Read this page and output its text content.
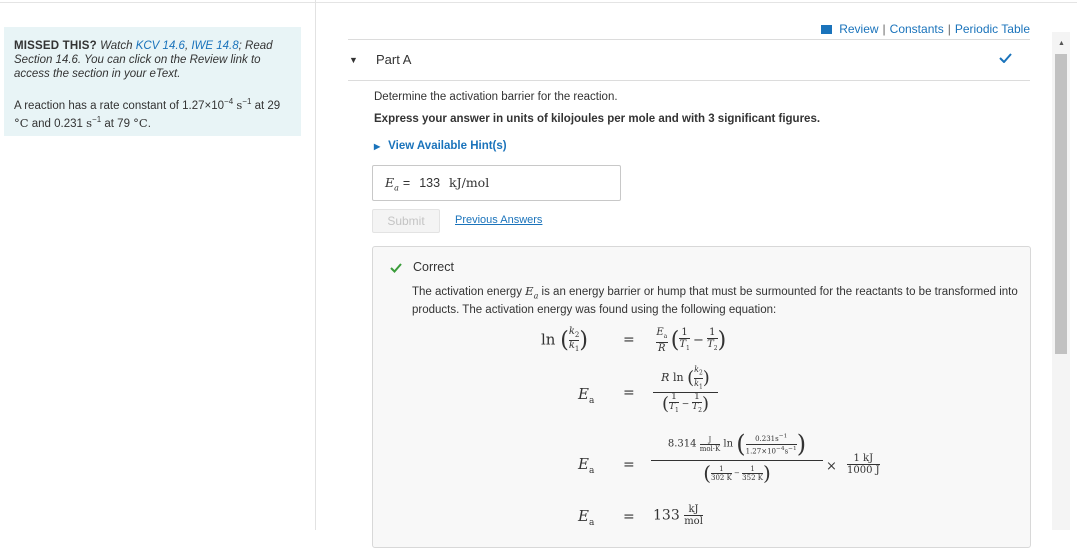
MISSED THIS? Watch KCV 14.6, IWE 14.8; Read Section 14.6. You can click on the Review link to access the section in your eText.
A reaction has a rate constant of $1.27\times 10^{-4}$ $s^{-1}$ at 29 °C and 0.231 $s^{-1}$ at 79 °C.
Review | Constants | Periodic Table
▼ Part A
Determine the activation barrier for the reaction.
Express your answer in units of kilojoules per mole and with 3 significant figures.
▶ View Available Hint(s)
$E_a = 133$ kJ/mol
Submit	Previous Answers
Correct
The activation energy $E_a$ is an energy barrier or hump that must be surmounted for the reactants to be transformed into products. The activation energy was found using the following equation:
$\ln (\frac{k_2}{k_1})$	= $\frac{E_a}{R} (\frac{1}{T_1} - \frac{1}{T_2})$
$E_a$ =
R $\ln (\frac{k_2}{k_1})$
$(\frac{1}{T_1} - \frac{1}{T_2})$
$E_a$ =
$8.314 \frac{J}{\text{mol·K}}$ $\ln (\frac{0.231s^{-1}}{1.27\times 10^{-4}s^{-1}})$
$(\frac{1}{302 K} - \frac{1}{352 K})$	× $\frac{1 kJ}{1000 J}$
$E_a = 133 \frac{kJ}{\text{mol}}$
▲
